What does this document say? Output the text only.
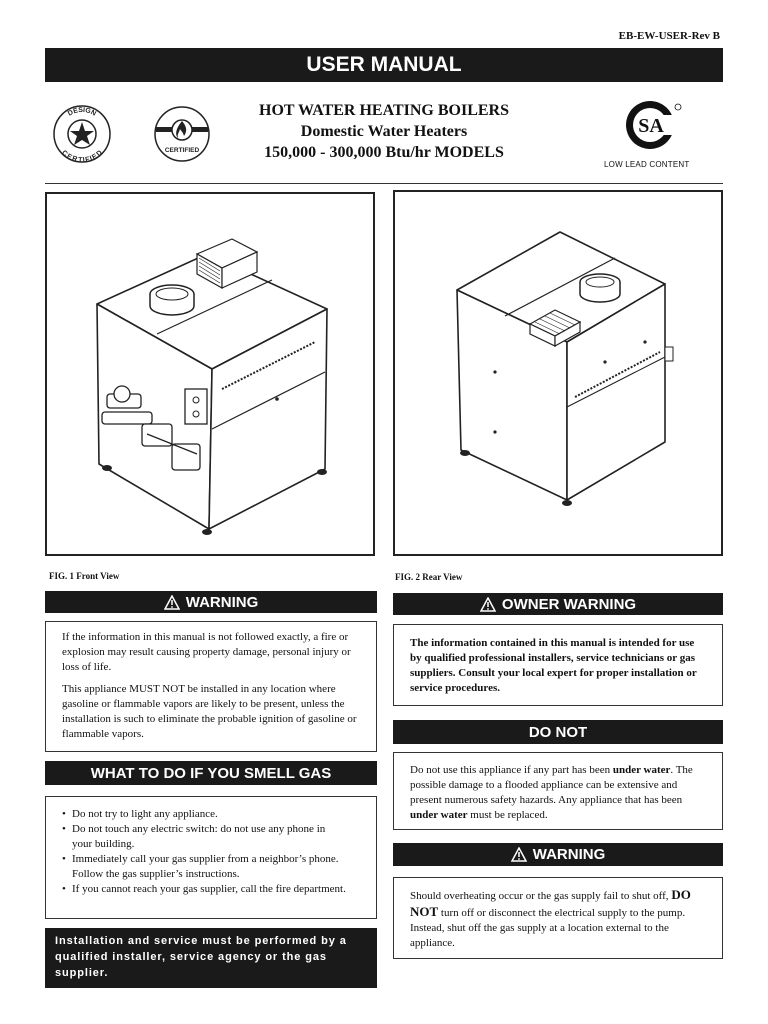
EB-EW-USER-Rev B
USER MANUAL
DESIGN
CERTIFIED	CERTIFIED
SA
LOW LEAD CONTENT
HOT WATER HEATING BOILERS
Domestic Water Heaters
150,000 - 300,000 Btu/hr MODELS
FIG. 1 Front View	FIG. 2 Rear View
WARNING

If the information in this manual is not followed exactly, a fire or explosion may result causing property damage, personal injury or loss of life.

This appliance MUST NOT be installed in any location where gasoline or flammable vapors are likely to be present, unless the installation is such to eliminate the probable ignition of gasoline or flammable vapors.

WHAT TO DO IF YOU SMELL GAS
• Do not try to light any appliance.
• Do not touch any electric switch: do not use any phone in                     your building.
• Immediately call your gas supplier from a neighbor’s phone. Follow the gas supplier’s instructions.
• If you cannot reach your gas supplier, call the fire department.
Installation and service must be performed by a qualified installer, service agency or the gas supplier.
OWNER WARNING
The information contained in this manual is intended for use by qualified professional installers, service technicians or gas suppliers. Consult your local expert for proper installation or service procedures.
DO NOT
Do not use this appliance if any part has been under water. The possible damage to a flooded appliance can be extensive and present numerous safety hazards. Any appliance that has been under water must be replaced.
WARNING
Should overheating occur or the gas supply fail to shut off, DO NOT turn off or disconnect the electrical supply to the pump. Instead, shut off the gas supply at a location external to the appliance.
